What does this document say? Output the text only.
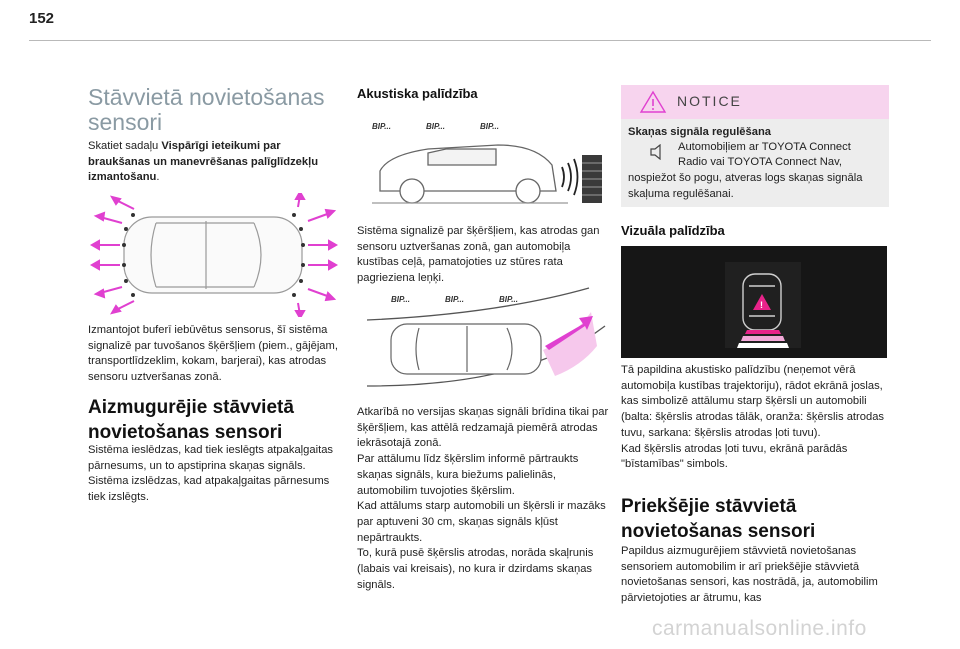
152
Stāvvietā novietošanas sensori
Skatiet sadaļu Vispārīgi ieteikumi par braukšanas un manevrēšanas palīglīdzekļu izmantošanu.
Izmantojot buferī iebūvētus sensorus, šī sistēma signalizē par tuvošanos šķēršļiem (piem., gājējam, transportlīdzeklim, kokam, barjerai), kas atrodas sensoru uztveršanas zonā.
Aizmugurējie stāvvietā novietošanas sensori
Sistēma ieslēdzas, kad tiek ieslēgts atpakaļgaitas pārnesums, un to apstiprina skaņas signāls.
Sistēma izslēdzas, kad atpakaļgaitas pārnesums tiek izslēgts.
Akustiska palīdzība
BIP...	BIP...	BIP...
Sistēma signalizē par šķēršļiem, kas atrodas gan sensoru uztveršanas zonā, gan automobiļa kustības ceļā, pamatojoties uz stūres rata pagrieziena leņķi.
BIP...	BIP...	BIP...
Atkarībā no versijas skaņas signāli brīdina tikai par šķēršļiem, kas attēlā redzamajā piemērā atrodas iekrāsotajā zonā.
Par attālumu līdz šķērslim informē pārtraukts skaņas signāls, kura biežums palielinās, automobilim tuvojoties šķērslim.
Kad attālums starp automobili un šķērsli ir mazāks par aptuveni 30 cm, skaņas signāls kļūst nepārtraukts.
To, kurā pusē šķērslis atrodas, norāda skaļrunis (labais vai kreisais), no kura ir dzirdams skaņas signāls.
NOTICE
Skaņas signāla regulēšana
Automobiļiem ar TOYOTA Connect
Radio vai TOYOTA Connect Nav,
nospiežot šo pogu, atveras logs skaņas signāla skaļuma regulēšanai.
Vizuāla palīdzība
!
Tā papildina akustisko palīdzību (neņemot vērā automobiļa kustības trajektoriju), rādot ekrānā joslas, kas simbolizē attālumu starp šķērsli un automobili (balta: šķērslis atrodas tālāk, oranža: šķērslis atrodas tuvu, sarkana: šķērslis atrodas ļoti tuvu).
Kad šķērslis atrodas ļoti tuvu, ekrānā parādās "bīstamības" simbols.
Priekšējie stāvvietā novietošanas sensori
Papildus aizmugurējiem stāvvietā novietošanas sensoriem automobilim ir arī priekšējie stāvvietā novietošanas sensori, kas nostrādā, ja, automobilim pārvietojoties ar ātrumu, kas
carmanualsonline.info
